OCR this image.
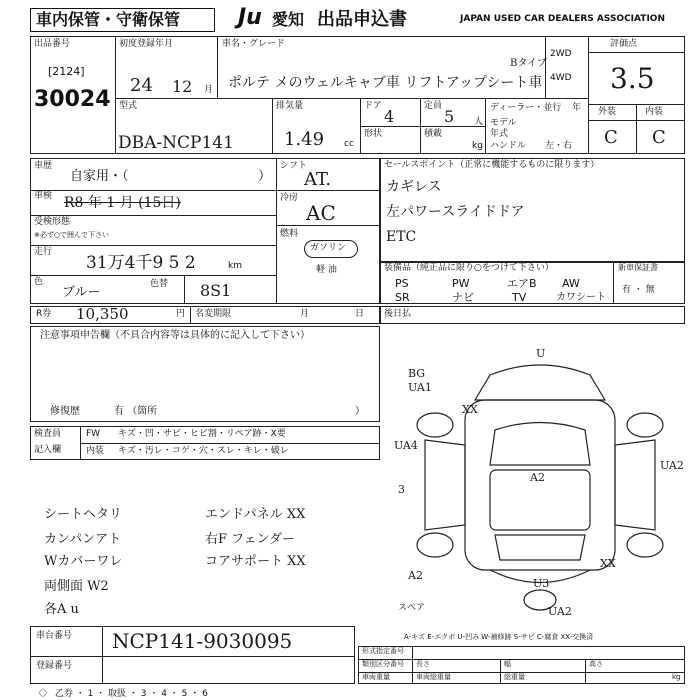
車内保管・守衛保管	Ju 愛知 出品申込書	JAPAN USED CAR DEALERS ASSOCIATION
出品番号
[2124]
30024
初度登録年月
24 12 月
車名・グレード
Bタイプ
ポルテ メのウェルキャブ車 リフトアップシート車
2WD
4WD
評価点
3.5
外装	内装
C C
型式
DBA-NCP141
排気量
1.49 cc
ドア
4
定員
5 人
形状	積載
kg
ディーラー・並行 年
モデル
年式
ハンドル 左・右
車歴
自家用・（	）
車検 R8 年 1 月 (15日)
受検形態
※必ず○で囲んで下さい
走行
31万4千9 5 2	km
色
ブルー
色替 8S1
シフト
AT.
冷房
AC
燃料
ガソリン
軽 油
セールスポイント（正常に機能するものに限ります）
カギレス
左パワースライドドア
ETC
装備品（純正品に限り○をつけて下さい）
PS	PW	エアB AW
SR	ナビ	TV	カワシート
新車保証書
有 ・ 無
R券 10,350	円 名変期限	月	日 後日払
注意事項申告欄（不具合内容等は具体的に記入して下さい）
修復歴	有 （箇所	）
検査員
記入欄
FW キズ・凹・サビ・ヒビ割・リペア跡・X要
内装 キズ・汚レ・コゲ・穴・スレ・キレ・破レ
シートヘタリ	エンドパネル XX
カンパンアト	右F フェンダー
Wカバーワレ	コアサポート XX
両側面 W2
各A u
BG
UA1
U
XX
UA4
A2
UA2
3
XX
A2
U3
スペア	UA2
A-キズ E-エクボ U-凹み W-補修跡 S-サビ C-腐食 XX-交換済
車台番号 NCP141-9030095
登録番号
形式指定番号
類別区分番号 長さ	幅	高さ
車両重量	車両総重量	総重量	kg
〈〉 乙券 ・ 1 ・ 取扱 ・ 3 ・ 4 ・ 5 ・ 6
